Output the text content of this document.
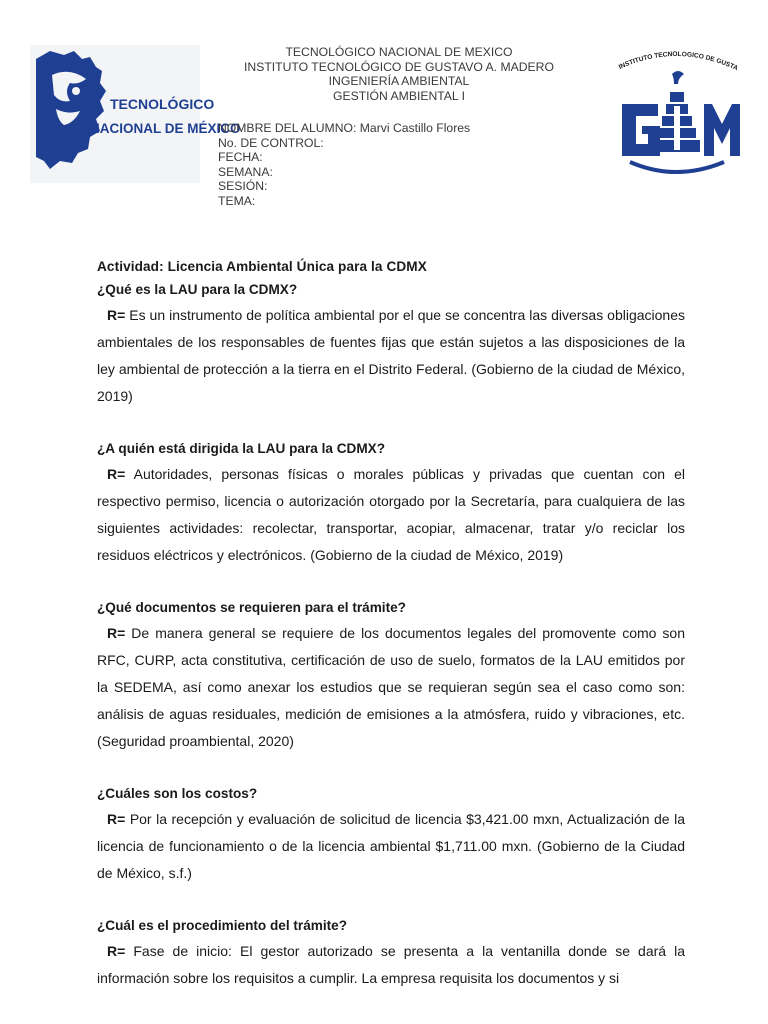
TECNOLÓGICO
NACIONAL DE MÉXICO
TECNOLÓGICO NACIONAL DE MEXICO
INSTITUTO TECNOLÓGICO DE GUSTAVO A. MADERO
INGENIERÍA AMBIENTAL
GESTIÓN AMBIENTAL I
INSTITUTO TECNOLOGICO DE GUSTA
NOMBRE DEL ALUMNO: Marvi Castillo Flores
No. DE CONTROL:
FECHA:
SEMANA:
SESIÓN:
TEMA:

Actividad: Licencia Ambiental Única para la CDMX

¿Qué es la LAU para la CDMX?

R= Es un instrumento de política ambiental por el que se concentra las diversas obligaciones ambientales de los responsables de fuentes fijas que están sujetos a las disposiciones de la ley ambiental de protección a la tierra en el Distrito Federal. (Gobierno de la ciudad de México, 2019)

¿A quién está dirigida la LAU para la CDMX?

R= Autoridades, personas físicas o morales públicas y privadas que cuentan con el respectivo permiso, licencia o autorización otorgado por la Secretaría, para cualquiera de las siguientes actividades: recolectar, transportar, acopiar, almacenar, tratar y/o reciclar los residuos eléctricos y electrónicos. (Gobierno de la ciudad de México, 2019)

¿Qué documentos se requieren para el trámite?

R= De manera general se requiere de los documentos legales del promovente como son RFC, CURP, acta constitutiva, certificación de uso de suelo, formatos de la LAU emitidos por la SEDEMA, así como anexar los estudios que se requieran según sea el caso como son: análisis de aguas residuales, medición de emisiones a la atmósfera, ruido y vibraciones, etc. (Seguridad proambiental, 2020)

¿Cuáles son los costos?

R= Por la recepción y evaluación de solicitud de licencia $3,421.00 mxn, Actualización de la licencia de funcionamiento o de la licencia ambiental $1,711.00 mxn. (Gobierno de la Ciudad de México, s.f.)

¿Cuál es el procedimiento del trámite?

R= Fase de inicio: El gestor autorizado se presenta a la ventanilla donde se dará la información sobre los requisitos a cumplir. La empresa requisita los documentos y si
